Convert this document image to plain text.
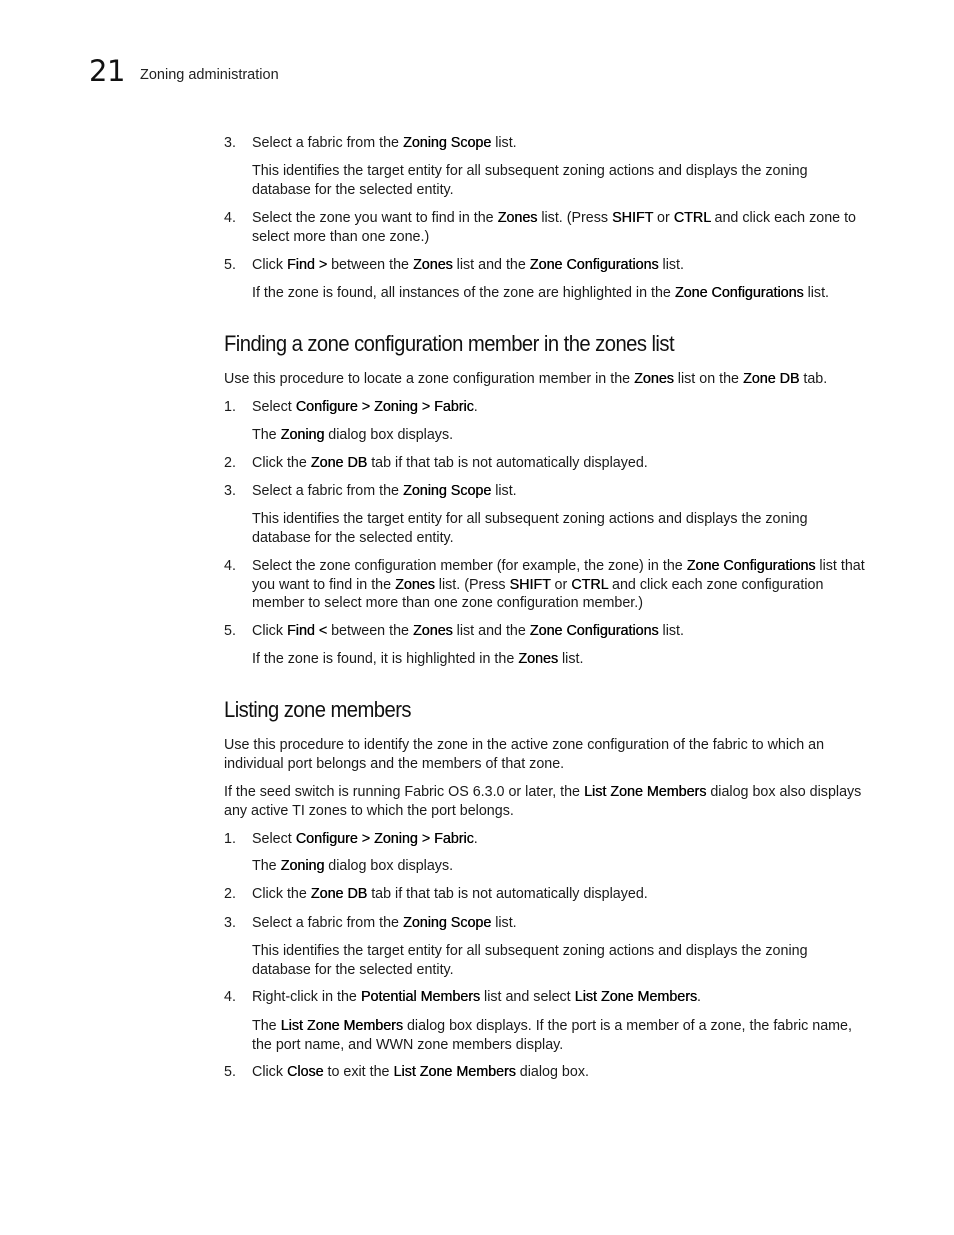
21 Zoning administration
3. Select a fabric from the Zoning Scope list.
This identifies the target entity for all subsequent zoning actions and displays the zoning database for the selected entity.
4. Select the zone you want to find in the Zones list. (Press SHIFT or CTRL and click each zone to select more than one zone.)
5. Click Find > between the Zones list and the Zone Configurations list.
If the zone is found, all instances of the zone are highlighted in the Zone Configurations list.
Finding a zone configuration member in the zones list
Use this procedure to locate a zone configuration member in the Zones list on the Zone DB tab.
1. Select Configure > Zoning > Fabric.
The Zoning dialog box displays.
2. Click the Zone DB tab if that tab is not automatically displayed.
3. Select a fabric from the Zoning Scope list.
This identifies the target entity for all subsequent zoning actions and displays the zoning database for the selected entity.
4. Select the zone configuration member (for example, the zone) in the Zone Configurations list that you want to find in the Zones list. (Press SHIFT or CTRL and click each zone configuration member to select more than one zone configuration member.)
5. Click Find < between the Zones list and the Zone Configurations list.
If the zone is found, it is highlighted in the Zones list.
Listing zone members
Use this procedure to identify the zone in the active zone configuration of the fabric to which an individual port belongs and the members of that zone.
If the seed switch is running Fabric OS 6.3.0 or later, the List Zone Members dialog box also displays any active TI zones to which the port belongs.
1. Select Configure > Zoning > Fabric.
The Zoning dialog box displays.
2. Click the Zone DB tab if that tab is not automatically displayed.
3. Select a fabric from the Zoning Scope list.
This identifies the target entity for all subsequent zoning actions and displays the zoning database for the selected entity.
4. Right-click in the Potential Members list and select List Zone Members.
The List Zone Members dialog box displays. If the port is a member of a zone, the fabric name, the port name, and WWN zone members display.
5. Click Close to exit the List Zone Members dialog box.
